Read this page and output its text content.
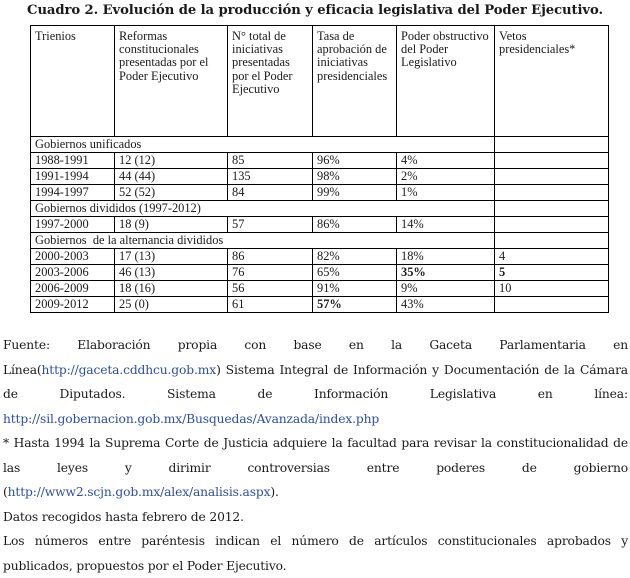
Cuadro 2. Evolución de la producción y eficacia legislativa del Poder Ejecutivo.
Trienios	Reformas constitucionales presentadas por el Poder Ejecutivo	N° total de iniciativas presentadas por el Poder Ejecutivo	Tasa de aprobación de iniciativas presidenciales	Poder obstructivo del Poder Legislativo	Vetos presidenciales*
Gobiernos unificados					
1988-1991	12 (12)	85	96%	4%	
1991-1994	44 (44)	135	98%	2%	
1994-1997	52 (52)	84	99%	1%	
Gobiernos divididos (1997-2012)					
1997-2000	18 (9)	57	86%	14%	
Gobiernos  de la alternancia divididos					
2000-2003	17 (13)	86	82%	18%	4
2003-2006	46 (13)	76	65%	35%	5
2006-2009	18 (16)	56	91%	9%	10
2009-2012	25 (0)	61	57%	43%	

Fuente: Elaboración propia con base en la Gaceta Parlamentaria en Línea(http://gaceta.cddhcu.gob.mx) Sistema Integral de Información y Documentación de la Cámara de Diputados. Sistema de Información Legislativa en línea: http://sil.gobernacion.gob.mx/Busquedas/Avanzada/index.php

* Hasta 1994 la Suprema Corte de Justicia adquiere la facultad para revisar la constitucionalidad de las leyes y dirimir controversias entre poderes de gobierno (http://www2.scjn.gob.mx/alex/analisis.aspx).

Datos recogidos hasta febrero de 2012.

Los números entre paréntesis indican el número de artículos constitucionales aprobados y publicados, propuestos por el Poder Ejecutivo.
